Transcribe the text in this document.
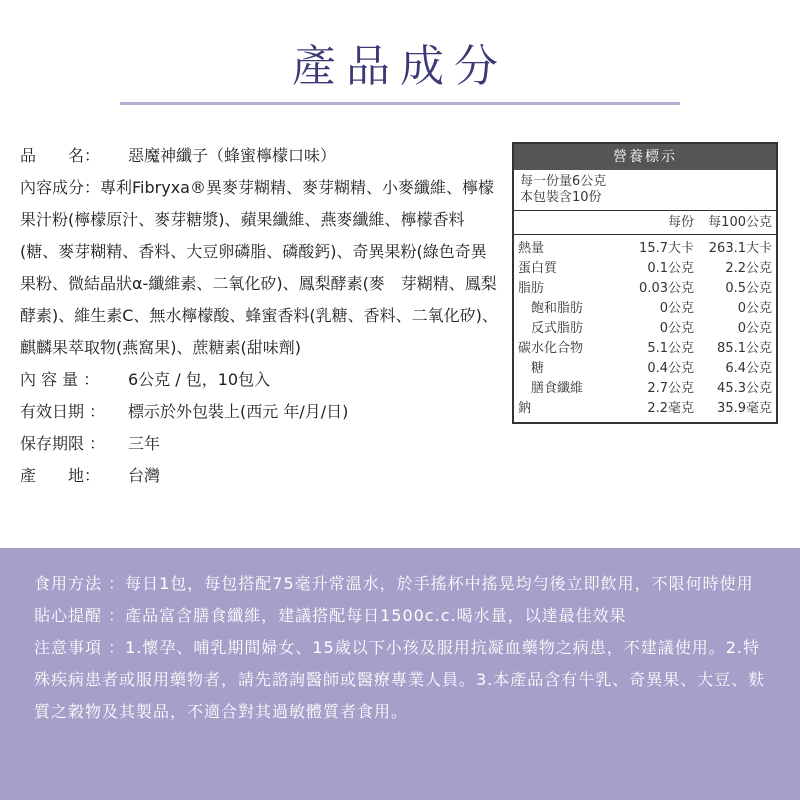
產品成分
品　　名：	惡魔神纖子（蜂蜜檸檬口味）
內容成分：專利Fibryxa®異麥芽糊精、麥芽糊精、小麥纖維、檸檬果汁粉(檸檬原汁、麥芽糖漿)、蘋果纖維、燕麥纖維、檸檬香料(糖、麥芽糊精、香料、大豆卵磷脂、磷酸鈣)、奇異果粉(綠色奇異果粉、微結晶狀α-纖維素、二氧化矽)、鳳梨酵素(麥　芽糊精、鳳梨酵素)、維生素C、無水檸檬酸、蜂蜜香料(乳糖、香料、二氧化矽)、麒麟果萃取物(燕窩果)、蔗糖素(甜味劑)
內 容 量 ：	6公克 / 包，10包入
有效日期 ：	標示於外包裝上(西元 年/月/日)
保存期限 ：	三年
產　　地：	台灣
營養標示
每一份量6公克
本包裝含10份
每份	每100公克
熱量	15.7大卡	263.1大卡
蛋白質	0.1公克	2.2公克
脂肪	0.03公克	0.5公克
　飽和脂肪	0公克	0公克
　反式脂肪	0公克	0公克
碳水化合物	5.1公克	85.1公克
　糖	0.4公克	6.4公克
　膳食纖維	2.7公克	45.3公克
鈉	2.2毫克	35.9毫克

食用方法 ：每日1包，每包搭配75毫升常溫水，於手搖杯中搖晃均勻後立即飲用，不限何時使用

貼心提醒 ：產品富含膳食纖維，建議搭配每日1500c.c.喝水量，以達最佳效果

注意事項 ：1.懷孕、哺乳期間婦女、15歲以下小孩及服用抗凝血藥物之病患，不建議使用。2.特殊疾病患者或服用藥物者，請先諮詢醫師或醫療專業人員。3.本產品含有牛乳、奇異果、大豆、麩質之穀物及其製品，不適合對其過敏體質者食用。
